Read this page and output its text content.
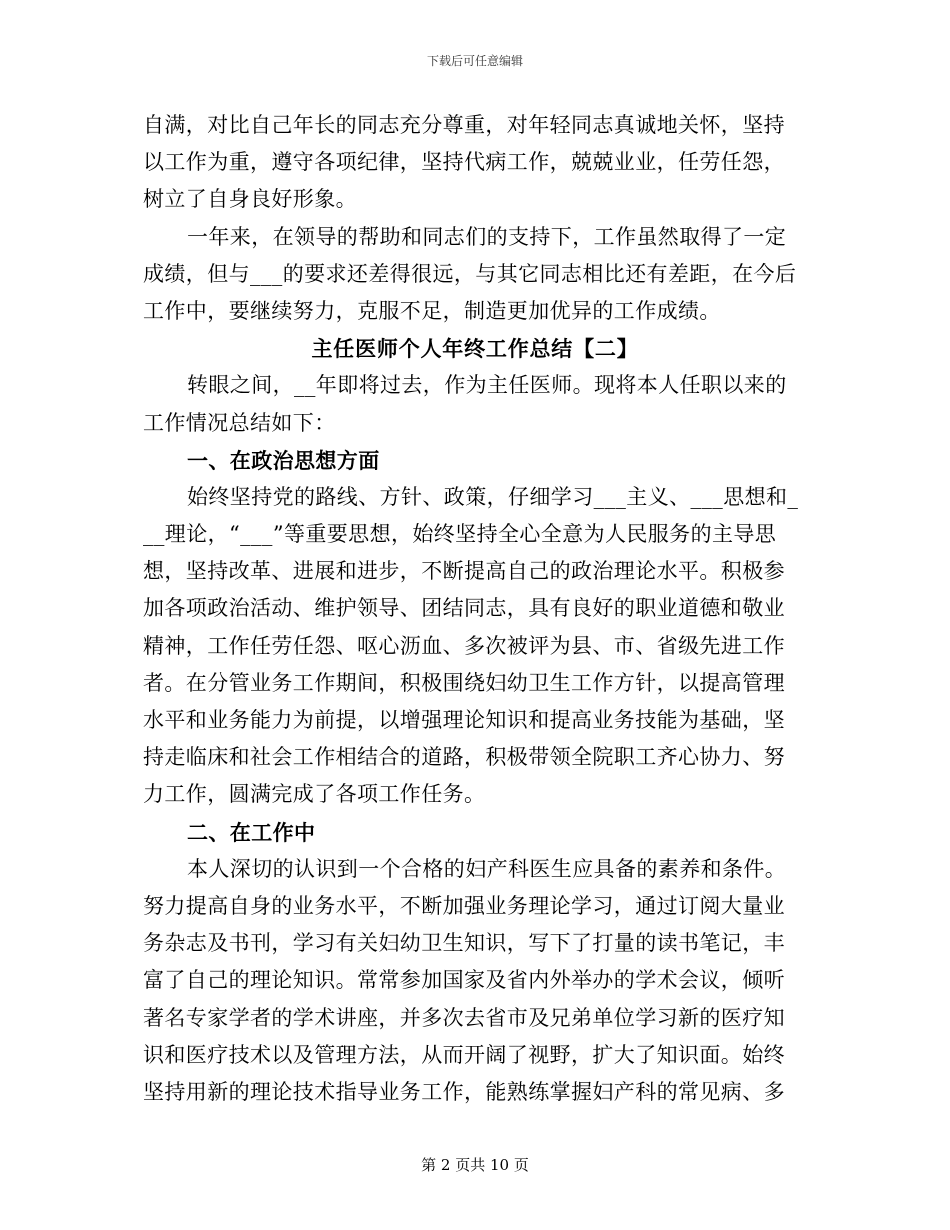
下载后可任意编辑
自满，对比自己年长的同志充分尊重，对年轻同志真诚地关怀，坚持
以工作为重，遵守各项纪律，坚持代病工作，兢兢业业，任劳任怨，
树立了自身良好形象。
一年来，在领导的帮助和同志们的支持下，工作虽然取得了一定
成绩，但与___的要求还差得很远，与其它同志相比还有差距，在今后
工作中，要继续努力，克服不足，制造更加优异的工作成绩。
主任医师个人年终工作总结【二】
转眼之间，__年即将过去，作为主任医师。现将本人任职以来的
工作情况总结如下：
一、在政治思想方面
始终坚持党的路线、方针、政策，仔细学习___主义、___思想和_
__理论，“___”等重要思想，始终坚持全心全意为人民服务的主导思
想，坚持改革、进展和进步，不断提高自己的政治理论水平。积极参
加各项政治活动、维护领导、团结同志，具有良好的职业道德和敬业
精神，工作任劳任怨、呕心沥血、多次被评为县、市、省级先进工作
者。在分管业务工作期间，积极围绕妇幼卫生工作方针，以提高管理
水平和业务能力为前提，以增强理论知识和提高业务技能为基础，坚
持走临床和社会工作相结合的道路，积极带领全院职工齐心协力、努
力工作，圆满完成了各项工作任务。
二、在工作中
本人深切的认识到一个合格的妇产科医生应具备的素养和条件。
努力提高自身的业务水平，不断加强业务理论学习，通过订阅大量业
务杂志及书刊，学习有关妇幼卫生知识，写下了打量的读书笔记，丰
富了自己的理论知识。常常参加国家及省内外举办的学术会议，倾听
著名专家学者的学术讲座，并多次去省市及兄弟单位学习新的医疗知
识和医疗技术以及管理方法，从而开阔了视野，扩大了知识面。始终
坚持用新的理论技术指导业务工作，能熟练掌握妇产科的常见病、多
第 2 页共 10 页
